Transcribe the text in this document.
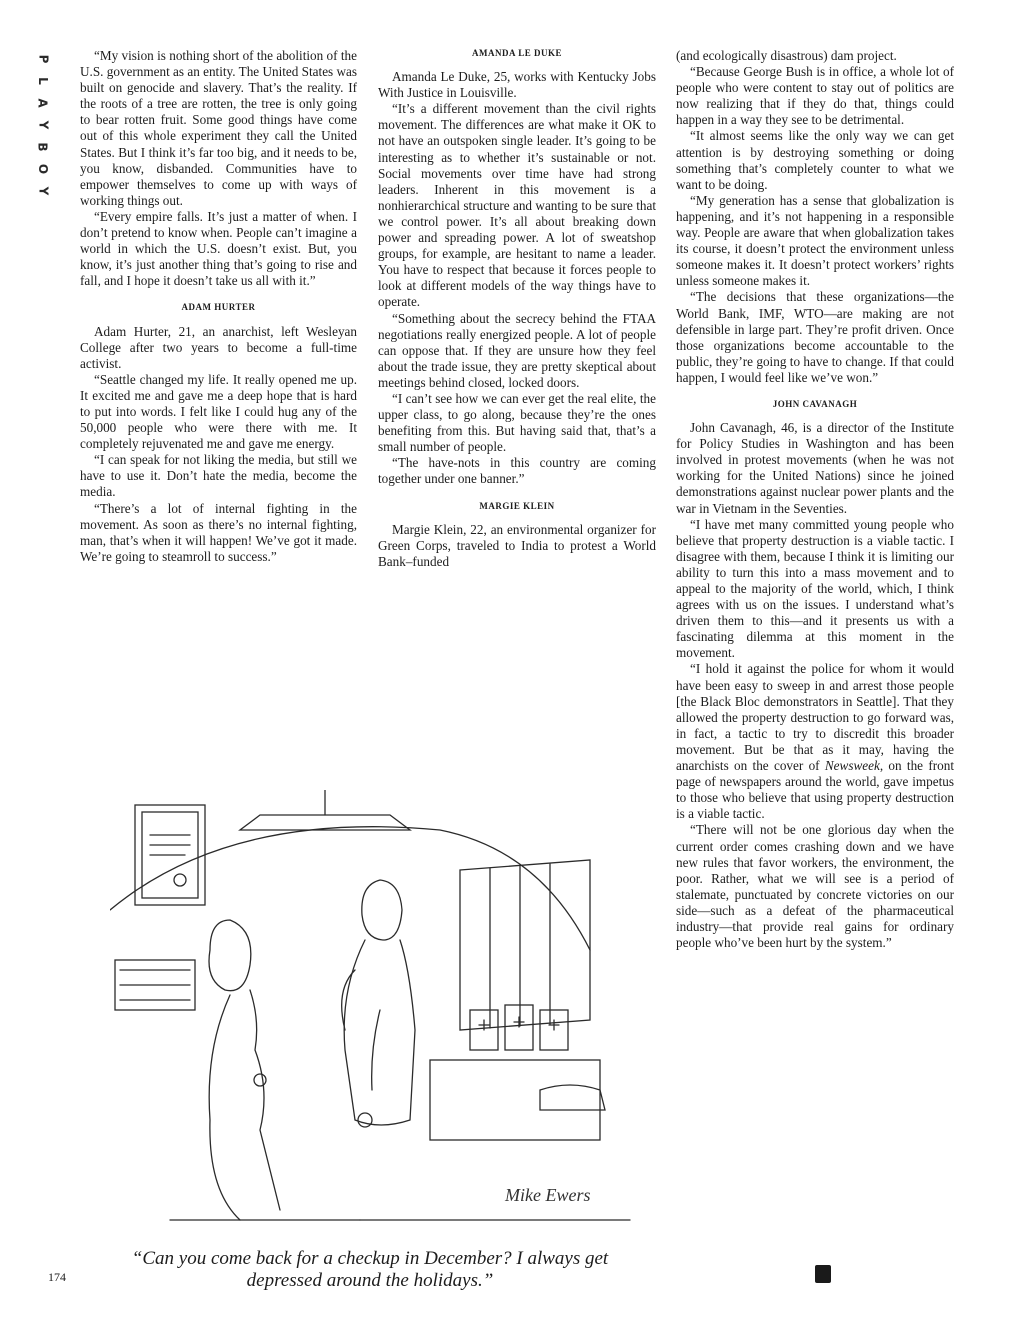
P
L
A
Y
B
O
Y

“My vision is nothing short of the abolition of the U.S. government as an entity. The United States was built on genocide and slavery. That’s the reality. If the roots of a tree are rotten, the tree is only going to bear rotten fruit. Some good things have come out of this whole experiment they call the United States. But I think it’s far too big, and it needs to be, you know, disbanded. Communities have to empower themselves to come up with ways of working things out.

“Every empire falls. It’s just a matter of when. I don’t pretend to know when. People can’t imagine a world in which the U.S. doesn’t exist. But, you know, it’s just another thing that’s going to rise and fall, and I hope it doesn’t take us all with it.”

ADAM HURTER

Adam Hurter, 21, an anarchist, left Wesleyan College after two years to become a full-time activist.

“Seattle changed my life. It really opened me up. It excited me and gave me a deep hope that is hard to put into words. I felt like I could hug any of the 50,000 people who were there with me. It completely rejuvenated me and gave me energy.

“I can speak for not liking the media, but still we have to use it. Don’t hate the media, become the media.

“There’s a lot of internal fighting in the movement. As soon as there’s no internal fighting, man, that’s when it will happen! We’ve got it made. We’re going to steamroll to success.”

AMANDA LE DUKE

Amanda Le Duke, 25, works with Kentucky Jobs With Justice in Louisville.

“It’s a different movement than the civil rights movement. The differences are what make it OK to not have an outspoken single leader. It’s going to be interesting as to whether it’s sustainable or not. Social movements over time have had strong leaders. Inherent in this movement is a nonhierarchical structure and wanting to be sure that we control power. It’s all about breaking down power and spreading power. A lot of sweatshop groups, for example, are hesitant to name a leader. You have to respect that because it forces people to look at different models of the way things have to operate.

“Something about the secrecy behind the FTAA negotiations really energized people. A lot of people can oppose that. If they are unsure how they feel about the trade issue, they are pretty skeptical about meetings behind closed, locked doors.

“I can’t see how we can ever get the real elite, the upper class, to go along, because they’re the ones benefiting from this. But having said that, that’s a small number of people.

“The have-nots in this country are coming together under one banner.”

MARGIE KLEIN

Margie Klein, 22, an environmental organizer for Green Corps, traveled to India to protest a World Bank–funded

(and ecologically disastrous) dam project.

“Because George Bush is in office, a whole lot of people who were content to stay out of politics are now realizing that if they do that, things could happen in a way they see to be detrimental.

“It almost seems like the only way we can get attention is by destroying something or doing something that’s completely counter to what we want to be doing.

“My generation has a sense that globalization is happening, and it’s not happening in a responsible way. People are aware that when globalization takes its course, it doesn’t protect the environment unless someone makes it. It doesn’t protect workers’ rights unless someone makes it.

“The decisions that these organizations—the World Bank, IMF, WTO—are making are not defensible in large part. They’re profit driven. Once those organizations become accountable to the public, they’re going to have to change. If that could happen, I would feel like we’ve won.”

JOHN CAVANAGH

John Cavanagh, 46, is a director of the Institute for Policy Studies in Washington and has been involved in protest movements (when he was not working for the United Nations) since he joined demonstrations against nuclear power plants and the war in Vietnam in the Seventies.

“I have met many committed young people who believe that property destruction is a viable tactic. I disagree with them, because I think it is limiting our ability to turn this into a mass movement and to appeal to the majority of the world, which, I think agrees with us on the issues. I understand what’s driven them to this—and it presents us with a fascinating dilemma at this moment in the movement.

“I hold it against the police for whom it would have been easy to sweep in and arrest those people [the Black Bloc demonstrators in Seattle]. That they allowed the property destruction to go forward was, in fact, a tactic to try to discredit this broader movement. But be that as it may, having the anarchists on the cover of Newsweek, on the front page of newspapers around the world, gave impetus to those who believe that using property destruction is a viable tactic.

“There will not be one glorious day when the current order comes crashing down and we have new rules that favor workers, the environment, the poor. Rather, what we will see is a period of stalemate, punctuated by concrete victories on our side—such as a defeat of the pharmaceutical industry—that provide real gains for ordinary people who’ve been hurt by the system.”

Mike Ewers
“Can you come back for a checkup in December? I always get depressed around the holidays.”
174
